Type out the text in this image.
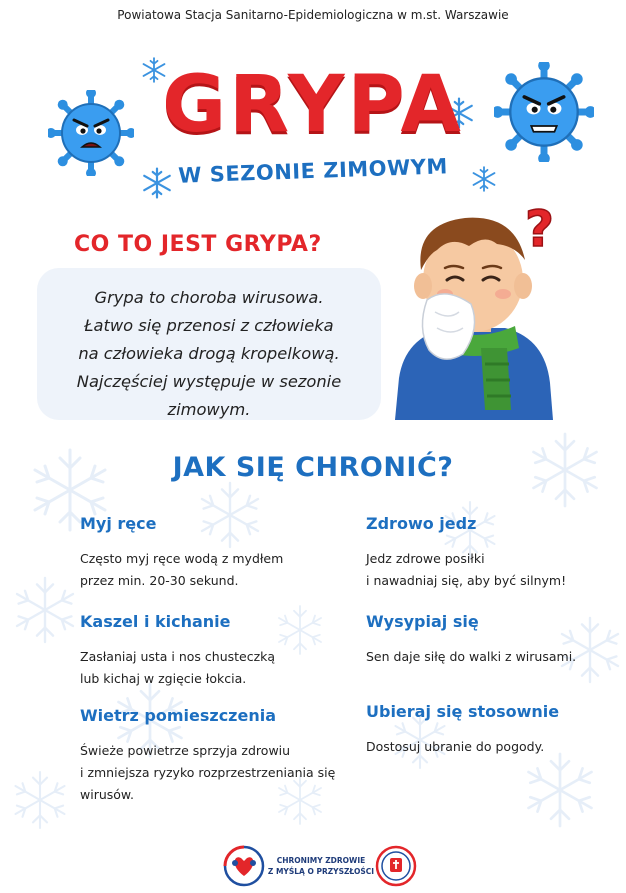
Powiatowa Stacja Sanitarno-Epidemiologiczna w m.st. Warszawie
GRYPA
W SEZONIE ZIMOWYM
CO TO JEST GRYPA?
Grypa to choroba wirusowa.
Łatwo się przenosi z człowieka
na człowieka drogą kropelkową.
Najczęściej występuje w sezonie
zimowym.
?
JAK SIĘ CHRONIĆ?
Myj ręce

Często myj ręce wodą z mydłem
przez min. 20-30 sekund.

Zdrowo jedz

Jedz zdrowe posiłki
i nawadniaj się, aby być silnym!

Kaszel i kichanie

Zasłaniaj usta i nos chusteczką
lub kichaj w zgięcie łokcia.

Wysypiaj się

Sen daje siłę do walki z wirusami.

Wietrz pomieszczenia

Świeże powietrze sprzyja zdrowiu
i zmniejsza ryzyko rozprzestrzeniania się
wirusów.

Ubieraj się stosownie

Dostosuj ubranie do pogody.

CHRONIMY ZDROWIE
Z MYŚLĄ O PRZYSZŁOŚCI
